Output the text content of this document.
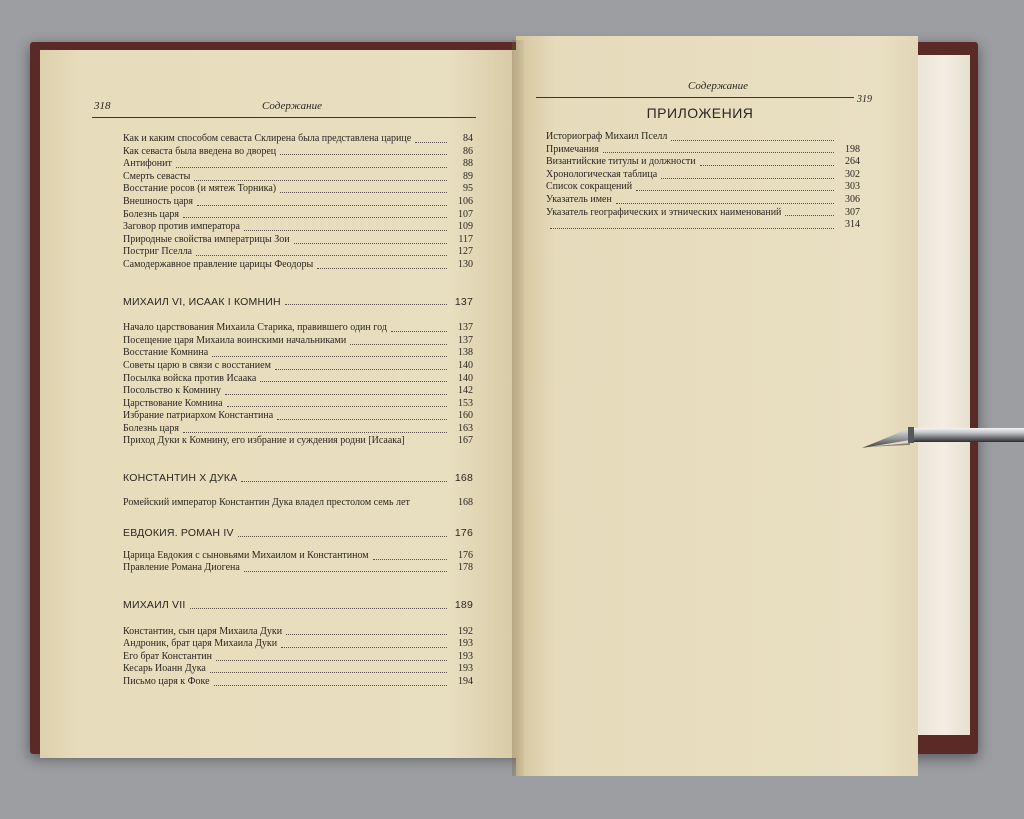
318	Содержание
Как и каким способом севаста Склирена была представлена царице	84
Как севаста была введена во дворец	86
Антифонит	88
Смерть севасты	89
Восстание росов (и мятеж Торника)	95
Внешность царя	106
Болезнь царя	107
Заговор против императора	109
Природные свойства императрицы Зои	117
Постриг Пселла	127
Самодержавное правление царицы Феодоры	130
МИХАИЛ VI, ИСААК I КОМНИН	137
Начало царствования Михаила Старика, правившего один год	137
Посещение царя Михаила воинскими начальниками	137
Восстание Комнина	138
Советы царю в связи с восстанием	140
Посылка войска против Исаака	140
Посольство к Комнину	142
Царствование Комнина	153
Избрание патриархом Константина	160
Болезнь царя	163
Приход Дуки к Комнину, его избрание и суждения родни [Исаака]	167
КОНСТАНТИН Х ДУКА	168
Ромейский император Константин Дука владел престолом семь лет	168
ЕВДОКИЯ. РОМАН IV	176
Царица Евдокия с сыновьями Михаилом и Константином	176
Правление Романа Диогена	178
МИХАИЛ VII	189
Константин, сын царя Михаила Дуки	192
Андроник, брат царя Михаила Дуки	193
Его брат Константин	193
Кесарь Иоанн Дука	193
Письмо царя к Фоке	194
Содержание
319
ПРИЛОЖЕНИЯ
Историограф Михаил Пселл
Примечания	198
Византийские титулы и должности	264
Хронологическая таблица	302
Список сокращений	303
Указатель имен	306
Указатель географических и этнических наименований	307
314
